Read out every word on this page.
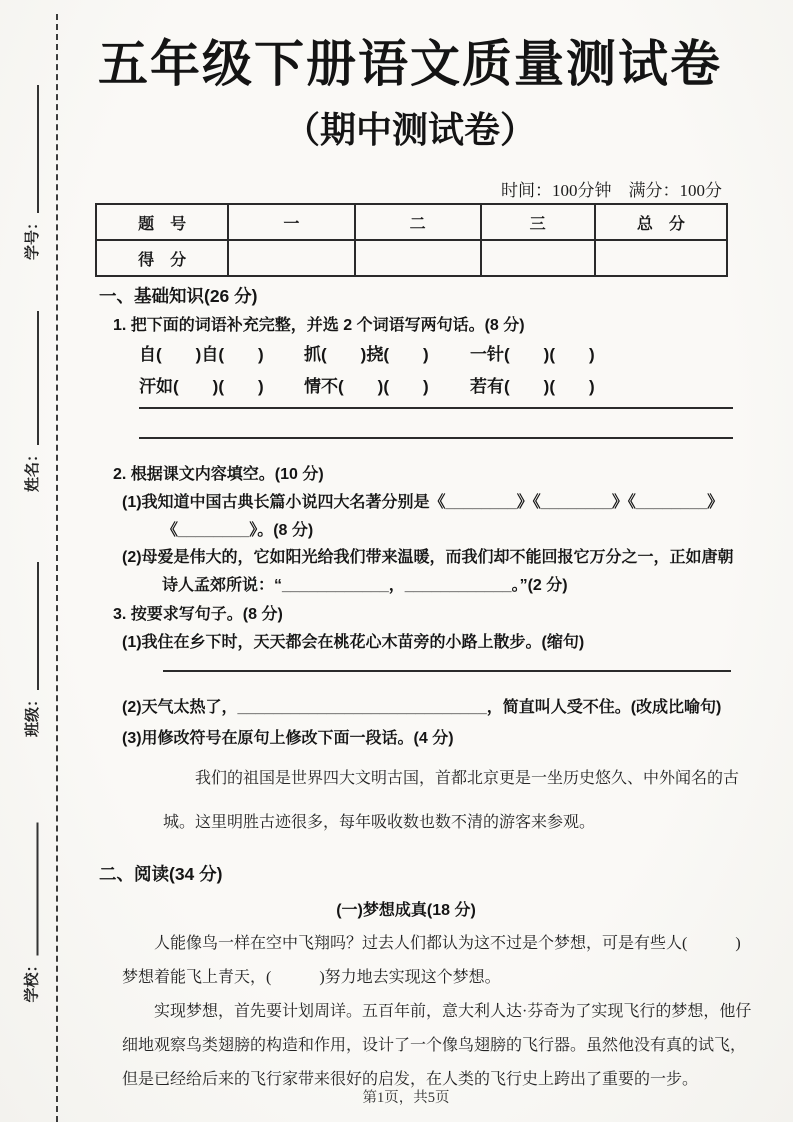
学号：
姓名：
班级：
学校：
五年级下册语文质量测试卷
（期中测试卷）
时间：100分钟　满分：100分
题　号	一	二	三	总　分
得　分				
一、基础知识(26 分)
1. 把下面的词语补充完整，并选 2 个词语写两句话。(8 分)
自(　　)自(　　) 抓(　　)挠(　　) 一针(　　)(　　)
汗如(　　)(　　) 情不(　　)(　　) 若有(　　)(　　)
2. 根据课文内容填空。(10 分)
(1)我知道中国古典长篇小说四大名著分别是《________》《________》《________》
《________》。(8 分)
(2)母爱是伟大的，它如阳光给我们带来温暖，而我们却不能回报它万分之一，正如唐朝
诗人孟郊所说：“____________，____________。”(2 分)
3. 按要求写句子。(8 分)
(1)我住在乡下时，天天都会在桃花心木苗旁的小路上散步。(缩句)
(2)天气太热了，____________________________，简直叫人受不住。(改成比喻句)
(3)用修改符号在原句上修改下面一段话。(4 分)
我们的祖国是世界四大文明古国，首都北京更是一坐历史悠久、中外闻名的古
城。这里明胜古迹很多，每年吸收数也数不清的游客来参观。
二、阅读(34 分)
(一)梦想成真(18 分)
人能像鸟一样在空中飞翔吗？过去人们都认为这不过是个梦想，可是有些人(　　　)
梦想着能飞上青天，(　　　)努力地去实现这个梦想。
实现梦想，首先要计划周详。五百年前，意大利人达·芬奇为了实现飞行的梦想，他仔
细地观察鸟类翅膀的构造和作用，设计了一个像鸟翅膀的飞行器。虽然他没有真的试飞，
但是已经给后来的飞行家带来很好的启发，在人类的飞行史上跨出了重要的一步。
第1页，共5页
